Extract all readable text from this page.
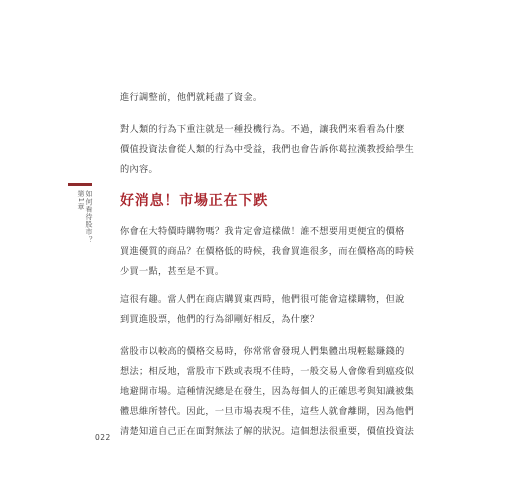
第1章 如何看待股市？

進行調整前，他們就耗盡了資金。

對人類的行為下重注就是一種投機行為。不過，讓我們來看看為什麼
價值投資法會從人類的行為中受益，我們也會告訴你葛拉漢教授給學生
的內容。

好消息！市場正在下跌

你會在大特價時購物嗎？我肯定會這樣做！誰不想要用更便宜的價格
買進優質的商品？在價格低的時候，我會買進很多，而在價格高的時候
少買一點，甚至是不買。

這很有趣。當人們在商店購買東西時，他們很可能會這樣購物，但說
到買進股票，他們的行為卻剛好相反，為什麼？

當股市以較高的價格交易時，你常常會發現人們集體出現輕鬆賺錢的
想法；相反地，當股市下跌或表現不佳時，一般交易人會像看到瘟疫似
地避開市場。這種情況總是在發生，因為每個人的正確思考與知識被集
體思維所替代。因此，一旦市場表現不佳，這些人就會離開，因為他們
清楚知道自己正在面對無法了解的狀況。這個想法很重要，價值投資法

022
